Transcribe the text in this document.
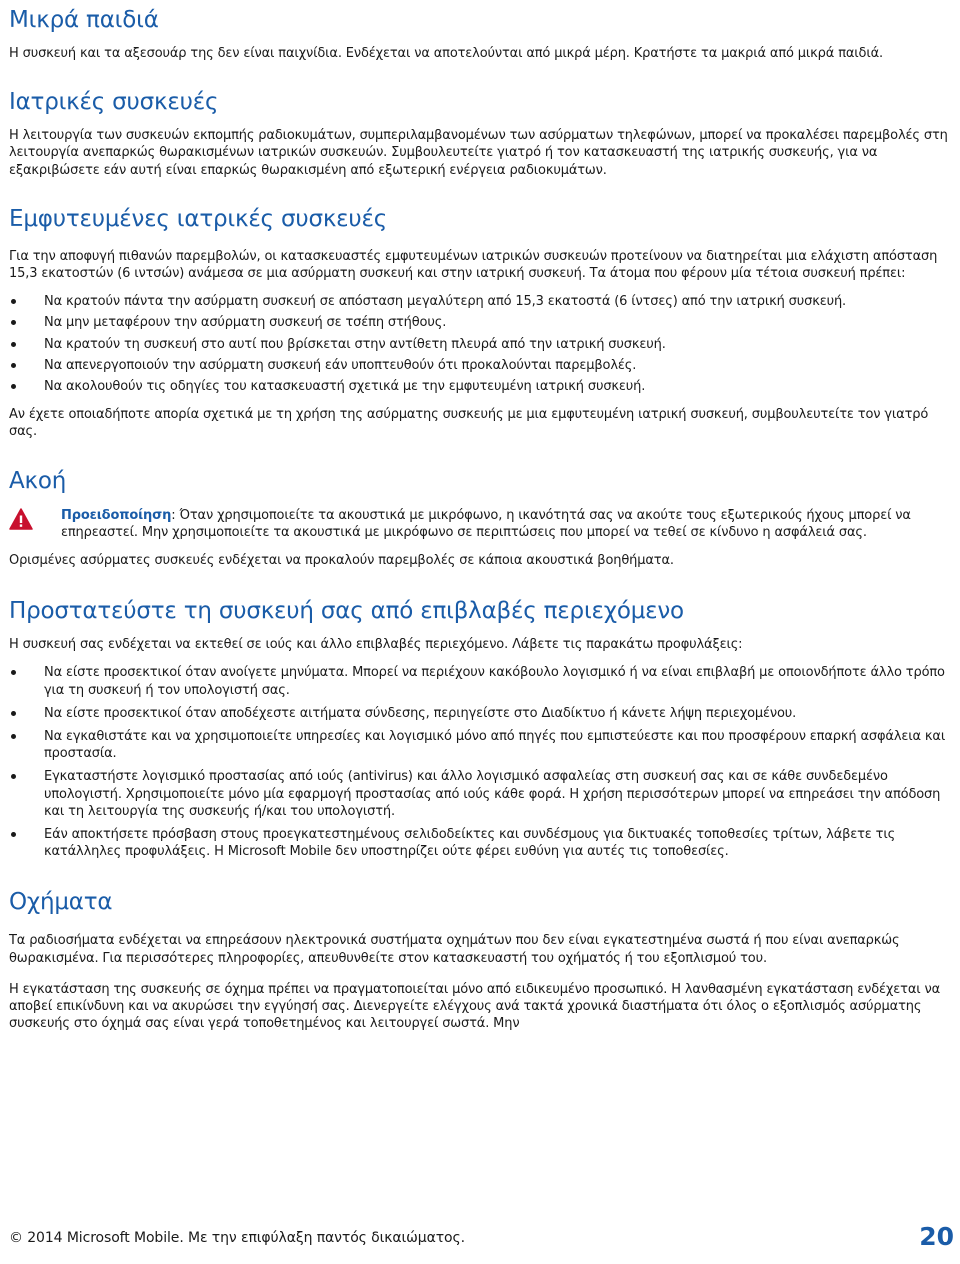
Μικρά παιδιά

Η συσκευή και τα αξεσουάρ της δεν είναι παιχνίδια. Ενδέχεται να αποτελούνται από μικρά μέρη. Κρατήστε τα μακριά από μικρά παιδιά.

Ιατρικές συσκευές

Η λειτουργία των συσκευών εκπομπής ραδιοκυμάτων, συμπεριλαμβανομένων των ασύρματων τηλεφώνων, μπορεί να προκαλέσει παρεμβολές στη λειτουργία ανεπαρκώς θωρακισμένων ιατρικών συσκευών. Συμβουλευτείτε γιατρό ή τον κατασκευαστή της ιατρικής συσκευής, για να εξακριβώσετε εάν αυτή είναι επαρκώς θωρακισμένη από εξωτερική ενέργεια ραδιοκυμάτων.

Εμφυτευμένες ιατρικές συσκευές

Για την αποφυγή πιθανών παρεμβολών, οι κατασκευαστές εμφυτευμένων ιατρικών συσκευών προτείνουν να διατηρείται μια ελάχιστη απόσταση 15,3 εκατοστών (6 ιντσών) ανάμεσα σε μια ασύρματη συσκευή και στην ιατρική συσκευή. Τα άτομα που φέρουν μία τέτοια συσκευή πρέπει:

Να κρατούν πάντα την ασύρματη συσκευή σε απόσταση μεγαλύτερη από 15,3 εκατοστά (6 ίντσες) από την ιατρική συσκευή.
Να μην μεταφέρουν την ασύρματη συσκευή σε τσέπη στήθους.
Να κρατούν τη συσκευή στο αυτί που βρίσκεται στην αντίθετη πλευρά από την ιατρική συσκευή.
Να απενεργοποιούν την ασύρματη συσκευή εάν υποπτευθούν ότι προκαλούνται παρεμβολές.
Να ακολουθούν τις οδηγίες του κατασκευαστή σχετικά με την εμφυτευμένη ιατρική συσκευή.

Αν έχετε οποιαδήποτε απορία σχετικά με τη χρήση της ασύρματης συσκευής με μια εμφυτευμένη ιατρική συσκευή, συμβουλευτείτε τον γιατρό σας.

Ακοή

Προειδοποίηση: Όταν χρησιμοποιείτε τα ακουστικά με μικρόφωνο, η ικανότητά σας να ακούτε τους εξωτερικούς ήχους μπορεί να επηρεαστεί. Μην χρησιμοποιείτε τα ακουστικά με μικρόφωνο σε περιπτώσεις που μπορεί να τεθεί σε κίνδυνο η ασφάλειά σας.

Ορισμένες ασύρματες συσκευές ενδέχεται να προκαλούν παρεμβολές σε κάποια ακουστικά βοηθήματα.

Προστατεύστε τη συσκευή σας από επιβλαβές περιεχόμενο

Η συσκευή σας ενδέχεται να εκτεθεί σε ιούς και άλλο επιβλαβές περιεχόμενο. Λάβετε τις παρακάτω προφυλάξεις:

Να είστε προσεκτικοί όταν ανοίγετε μηνύματα. Μπορεί να περιέχουν κακόβουλο λογισμικό ή να είναι επιβλαβή με οποιονδήποτε άλλο τρόπο για τη συσκευή ή τον υπολογιστή σας.
Να είστε προσεκτικοί όταν αποδέχεστε αιτήματα σύνδεσης, περιηγείστε στο Διαδίκτυο ή κάνετε λήψη περιεχομένου.
Να εγκαθιστάτε και να χρησιμοποιείτε υπηρεσίες και λογισμικό μόνο από πηγές που εμπιστεύεστε και που προσφέρουν επαρκή ασφάλεια και προστασία.
Εγκαταστήστε λογισμικό προστασίας από ιούς (antivirus) και άλλο λογισμικό ασφαλείας στη συσκευή σας και σε κάθε συνδεδεμένο υπολογιστή. Χρησιμοποιείτε μόνο μία εφαρμογή προστασίας από ιούς κάθε φορά. Η χρήση περισσότερων μπορεί να επηρεάσει την απόδοση και τη λειτουργία της συσκευής ή/και του υπολογιστή.
Εάν αποκτήσετε πρόσβαση στους προεγκατεστημένους σελιδοδείκτες και συνδέσμους για δικτυακές τοποθεσίες τρίτων, λάβετε τις κατάλληλες προφυλάξεις. Η Microsoft Mobile δεν υποστηρίζει ούτε φέρει ευθύνη για αυτές τις τοποθεσίες.
Οχήματα

Τα ραδιοσήματα ενδέχεται να επηρεάσουν ηλεκτρονικά συστήματα οχημάτων που δεν είναι εγκατεστημένα σωστά ή που είναι ανεπαρκώς θωρακισμένα. Για περισσότερες πληροφορίες, απευθυνθείτε στον κατασκευαστή του οχήματός ή του εξοπλισμού του.

Η εγκατάσταση της συσκευής σε όχημα πρέπει να πραγματοποιείται μόνο από ειδικευμένο προσωπικό. Η λανθασμένη εγκατάσταση ενδέχεται να αποβεί επικίνδυνη και να ακυρώσει την εγγύησή σας. Διενεργείτε ελέγχους ανά τακτά χρονικά διαστήματα ότι όλος ο εξοπλισμός ασύρματης συσκευής στο όχημά σας είναι γερά τοποθετημένος και λειτουργεί σωστά. Μην

© 2014 Microsoft Mobile. Με την επιφύλαξη παντός δικαιώματος.	20
